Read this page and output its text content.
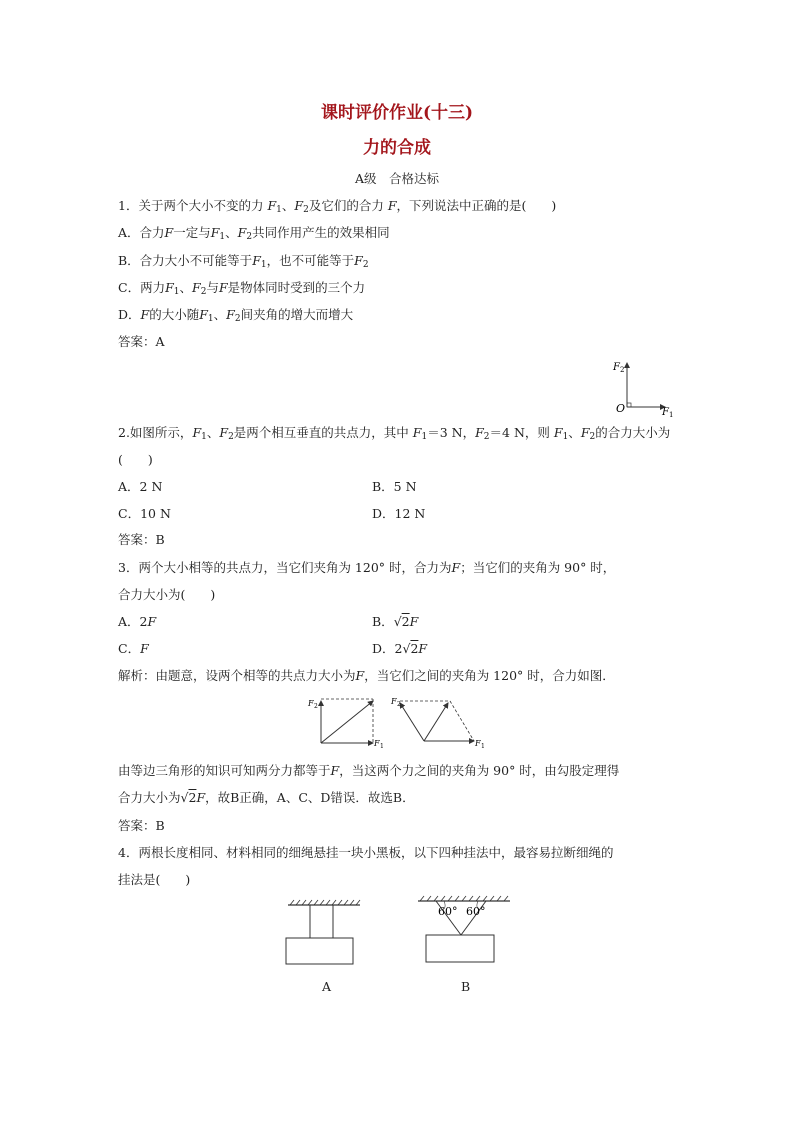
课时评价作业(十三)
力的合成
A级　合格达标
1．关于两个大小不变的力 $F_1$、$F_2$及它们的合力 F，下列说法中正确的是(　　)
A．合力F一定与$F_1$、$F_2$共同作用产生的效果相同
B．合力大小不可能等于$F_1$，也不可能等于$F_2$
C．两力$F_1$、$F_2$与F是物体同时受到的三个力
D．F的大小随$F_1$、$F_2$间夹角的增大而增大
答案：A
F 2
O	F 1
2.如图所示，$F_1$、$F_2$是两个相互垂直的共点力，其中 $F_1=3$ N，$F_2=4$ N，则 $F_1$、$F_2$的合力大小为
(　　)
A．2 N	B．5 N
C．10 N	D．12 N
答案：B
3．两个大小相等的共点力，当它们夹角为 120° 时，合力为F；当它们的夹角为 90° 时，
合力大小为(　　)
A．2F	B．√2F
C．F	D．2√2F
解析：由题意，设两个相等的共点力大小为F，当它们之间的夹角为 120° 时，合力如图．
F 2
F 1
F 2
F 1
由等边三角形的知识可知两分力都等于F，当这两个力之间的夹角为 90° 时，由勾股定理得
合力大小为√2F，故B正确，A、C、D错误．故选B．
答案：B
4．两根长度相同、材料相同的细绳悬挂一块小黑板，以下四种挂法中，最容易拉断细绳的
挂法是(　　)
60° 60°
A	B
